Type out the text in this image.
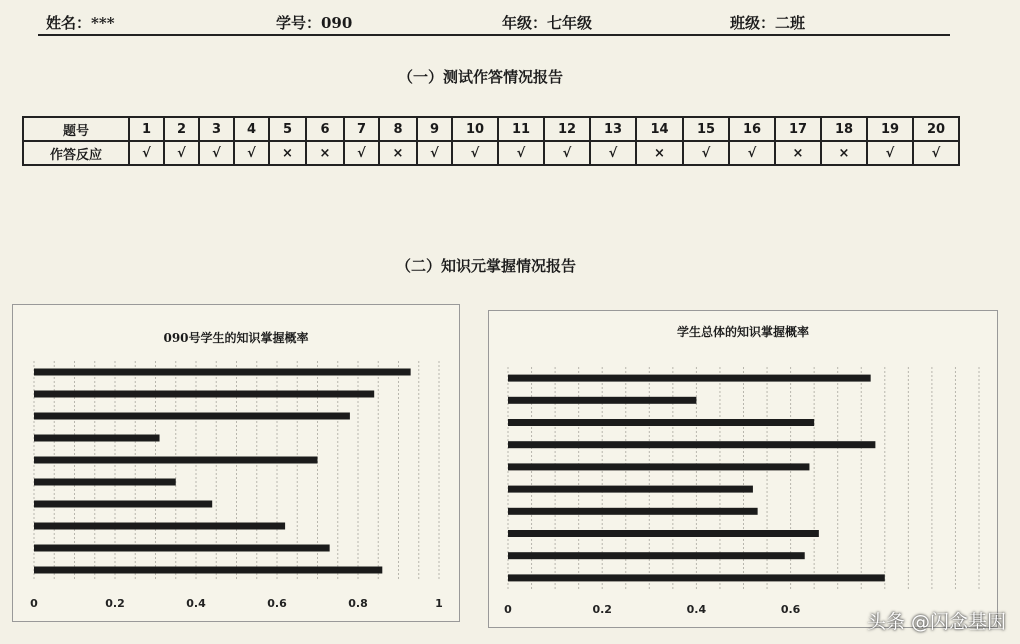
姓名：***	学号：090	年级：七年级	班级：二班
（一）测试作答情况报告
题号	1	2	3	4	5	6	7	8	9	10	11	12	13	14	15	16	17	18	19	20
作答反应	√	√	√	√	×	×	√	×	√	√	√	√	√	×	√	√	×	×	√	√
（二）知识元掌握情况报告
090号学生的知识掌握概率
0	0.2	0.4	0.6	0.8	1
学生总体的知识掌握概率
0	0.2	0.4	0.6
头条 @闪念基因
